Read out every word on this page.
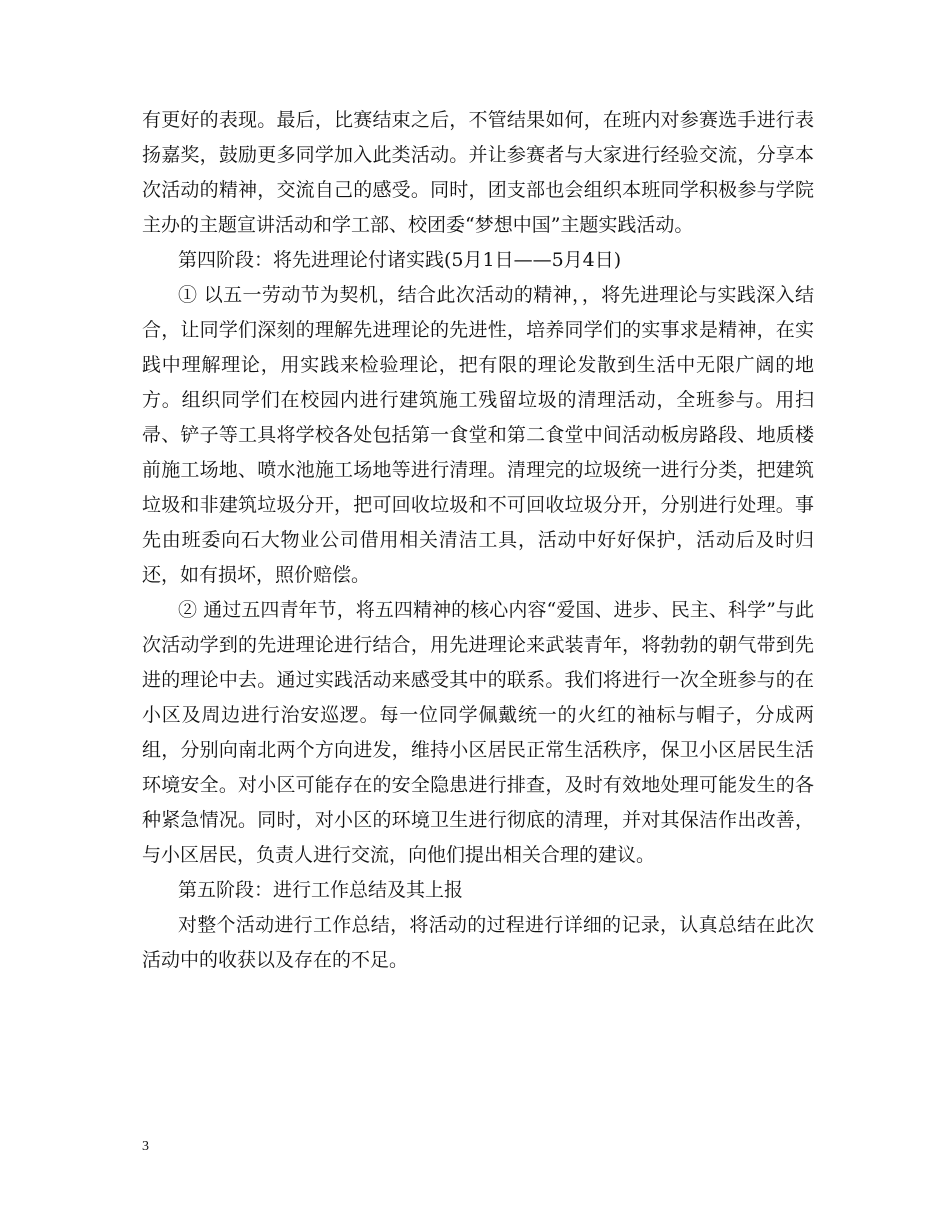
有更好的表现。最后，比赛结束之后，不管结果如何，在班内对参赛选手进行表扬嘉奖，鼓励更多同学加入此类活动。并让参赛者与大家进行经验交流，分享本次活动的精神，交流自己的感受。同时，团支部也会组织本班同学积极参与学院主办的主题宣讲活动和学工部、校团委“梦想中国”主题实践活动。

第四阶段：将先进理论付诸实践(5月1日——5月4日)

① 以五一劳动节为契机，结合此次活动的精神，，将先进理论与实践深入结合，让同学们深刻的理解先进理论的先进性，培养同学们的实事求是精神，在实践中理解理论，用实践来检验理论，把有限的理论发散到生活中无限广阔的地方。组织同学们在校园内进行建筑施工残留垃圾的清理活动，全班参与。用扫帚、铲子等工具将学校各处包括第一食堂和第二食堂中间活动板房路段、地质楼前施工场地、喷水池施工场地等进行清理。清理完的垃圾统一进行分类，把建筑垃圾和非建筑垃圾分开，把可回收垃圾和不可回收垃圾分开，分别进行处理。事先由班委向石大物业公司借用相关清洁工具，活动中好好保护，活动后及时归还，如有损坏，照价赔偿。

② 通过五四青年节，将五四精神的核心内容“爱国、进步、民主、科学”与此次活动学到的先进理论进行结合，用先进理论来武装青年，将勃勃的朝气带到先进的理论中去。通过实践活动来感受其中的联系。我们将进行一次全班参与的在小区及周边进行治安巡逻。每一位同学佩戴统一的火红的袖标与帽子，分成两组，分别向南北两个方向进发，维持小区居民正常生活秩序，保卫小区居民生活环境安全。对小区可能存在的安全隐患进行排查，及时有效地处理可能发生的各种紧急情况。同时，对小区的环境卫生进行彻底的清理，并对其保洁作出改善，与小区居民，负责人进行交流，向他们提出相关合理的建议。

第五阶段：进行工作总结及其上报

对整个活动进行工作总结，将活动的过程进行详细的记录，认真总结在此次活动中的收获以及存在的不足。

3
